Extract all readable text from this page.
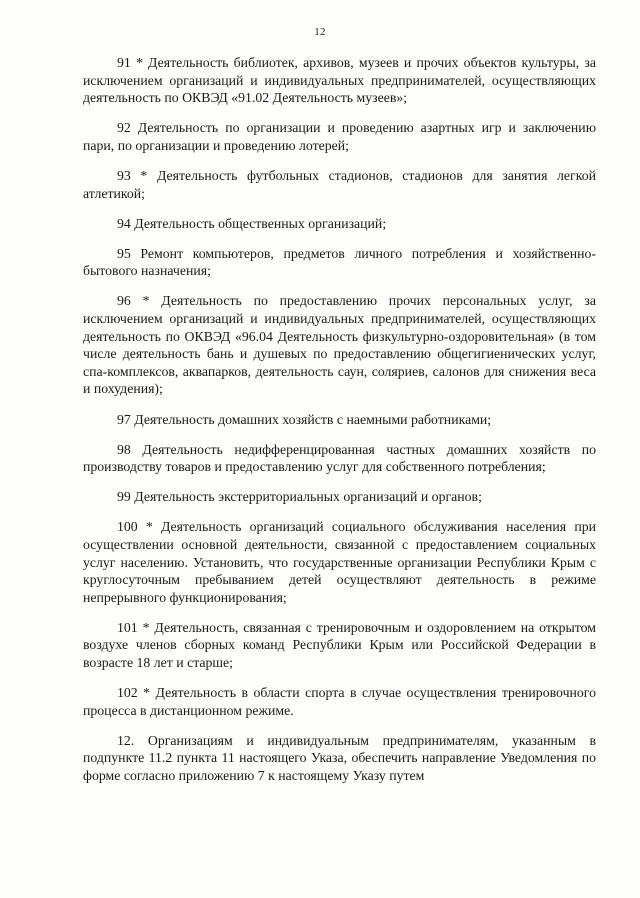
12

91 * Деятельность библиотек, архивов, музеев и прочих объектов культуры, за исключением организаций и индивидуальных предпринимателей, осуществляющих деятельность по ОКВЭД «91.02 Деятельность музеев»;

92 Деятельность по организации и проведению азартных игр и заключению пари, по организации и проведению лотерей;

93 * Деятельность футбольных стадионов, стадионов для занятия легкой атлетикой;

94 Деятельность общественных организаций;

95 Ремонт компьютеров, предметов личного потребления и хозяйственно-бытового назначения;

96 * Деятельность по предоставлению прочих персональных услуг, за исключением организаций и индивидуальных предпринимателей, осуществляющих деятельность по ОКВЭД «96.04 Деятельность физкультурно-оздоровительная» (в том числе деятельность бань и душевых по предоставлению общегигиенических услуг, спа-комплексов, аквапарков, деятельность саун, соляриев, салонов для снижения веса и похудения);

97 Деятельность домашних хозяйств с наемными работниками;

98 Деятельность недифференцированная частных домашних хозяйств по производству товаров и предоставлению услуг для собственного потребления;

99 Деятельность экстерриториальных организаций и органов;

100 * Деятельность организаций социального обслуживания населения при осуществлении основной деятельности, связанной с предоставлением социальных услуг населению. Установить, что государственные организации Республики Крым с круглосуточным пребыванием детей осуществляют деятельность в режиме непрерывного функционирования;

101 * Деятельность, связанная с тренировочным и оздоровлением на открытом воздухе членов сборных команд Республики Крым или Российской Федерации в возрасте 18 лет и старше;

102 * Деятельность в области спорта в случае осуществления тренировочного процесса в дистанционном режиме.

12. Организациям и индивидуальным предпринимателям, указанным в подпункте 11.2 пункта 11 настоящего Указа, обеспечить направление Уведомления по форме согласно приложению 7 к настоящему Указу путем
